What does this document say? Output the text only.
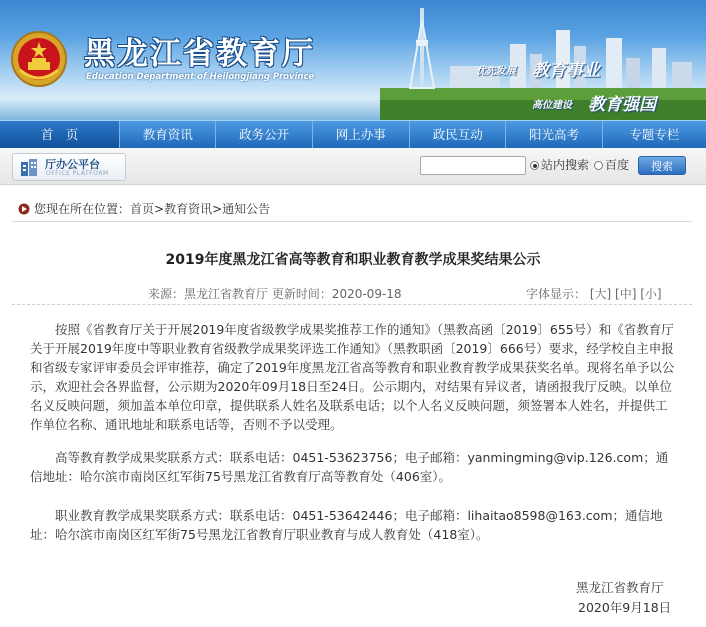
黑龙江省教育厅
Education Department of Heilongjiang Province	优先发展 教育事业
高位建设 教育强国
首　页	教育资讯	政务公开	网上办事	政民互动	阳光高考	专题专栏
厅办公平台
OFFICE PLATFORM
站内搜索 百度	搜索
您现在所在位置：首页>教育资讯>通知公告
2019年度黑龙江省高等教育和职业教育教学成果奖结果公示
来源：黑龙江省教育厅 更新时间：2020-09-18	字体显示： [大] [中] [小]
按照《省教育厅关于开展2019年度省级教学成果奖推荐工作的通知》（黑教高函〔2019〕655号）和《省教育厅关于开展2019年度中等职业教育省级教学成果奖评选工作通知》（黑教职函〔2019〕666号）要求，经学校自主申报和省级专家评审委员会评审推荐，确定了2019年度黑龙江省高等教育和职业教育教学成果获奖名单。现将名单予以公示，欢迎社会各界监督，公示期为2020年09月18日至24日。公示期内，对结果有异议者，请函报我厅反映。以单位名义反映问题，须加盖本单位印章，提供联系人姓名及联系电话；以个人名义反映问题，须签署本人姓名，并提供工作单位名称、通讯地址和联系电话等，否则不予以受理。
高等教育教学成果奖联系方式：联系电话：0451-53623756；电子邮箱：yanmingming@vip.126.com；通信地址：哈尔滨市南岗区红军街75号黑龙江省教育厅高等教育处（406室）。
职业教育教学成果奖联系方式：联系电话：0451-53642446；电子邮箱：lihaitao8598@163.com；通信地址：哈尔滨市南岗区红军街75号黑龙江省教育厅职业教育与成人教育处（418室）。
黑龙江省教育厅
2020年9月18日
